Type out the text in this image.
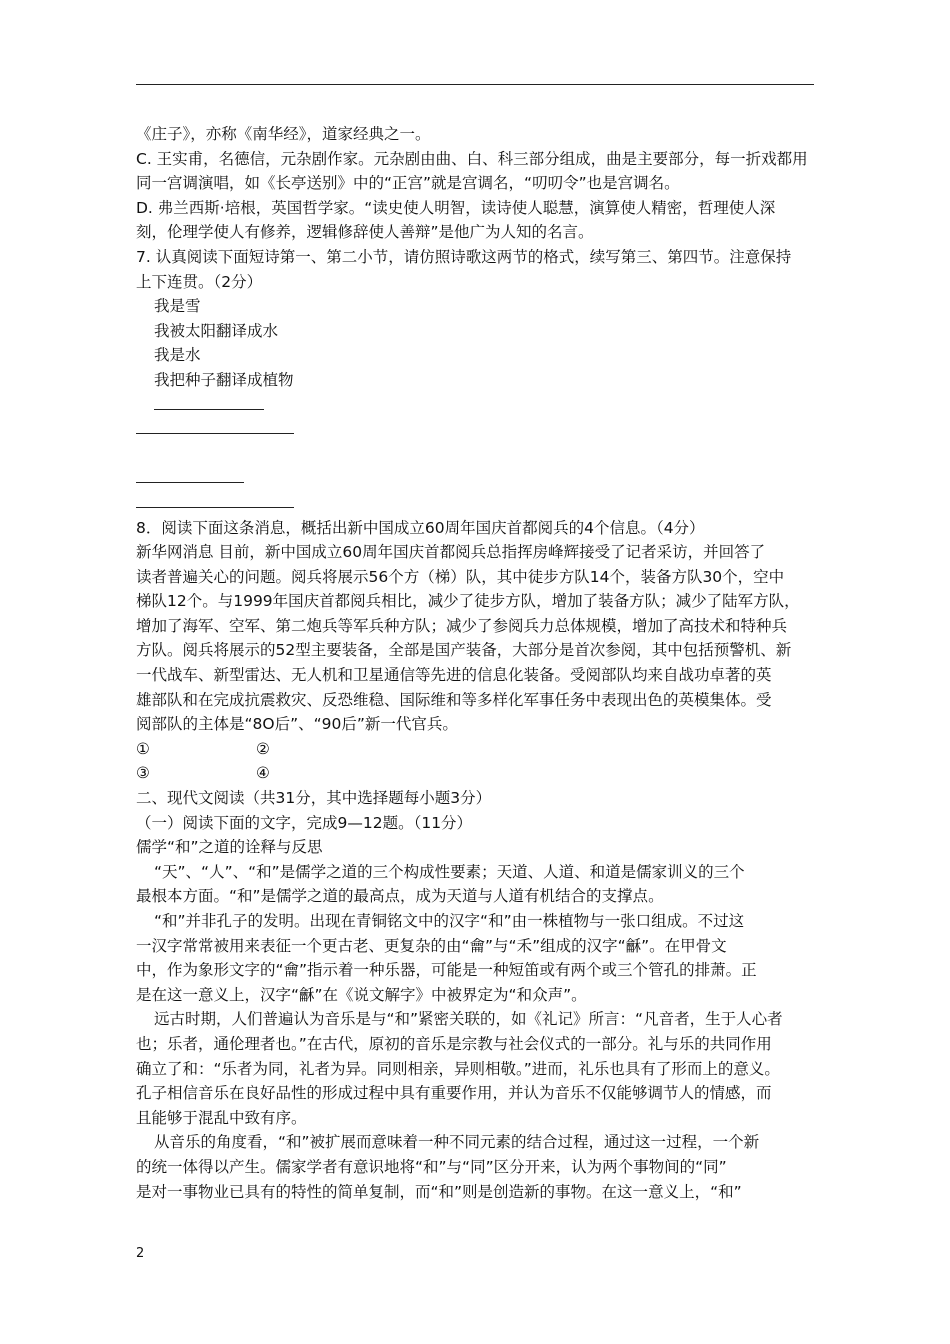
《庄子》，亦称《南华经》，道家经典之一。
C. 王实甫，名德信，元杂剧作家。元杂剧由曲、白、科三部分组成，曲是主要部分，每一折戏都用
同一宫调演唱，如《长亭送别》中的“正宫”就是宫调名，“叨叨令”也是宫调名。
D. 弗兰西斯·培根，英国哲学家。“读史使人明智，读诗使人聪慧，演算使人精密，哲理使人深
刻，伦理学使人有修养，逻辑修辞使人善辩”是他广为人知的名言。
7. 认真阅读下面短诗第一、第二小节，请仿照诗歌这两节的格式，续写第三、第四节。注意保持
上下连贯。（2分）
我是雪
我被太阳翻译成水
我是水
我把种子翻译成植物
8．阅读下面这条消息，概括出新中国成立60周年国庆首都阅兵的4个信息。（4分）
新华网消息 目前，新中国成立60周年国庆首都阅兵总指挥房峰辉接受了记者采访，并回答了
读者普遍关心的问题。阅兵将展示56个方（梯）队，其中徒步方队14个，装备方队30个，空中
梯队12个。与1999年国庆首都阅兵相比，减少了徒步方队，增加了装备方队；减少了陆军方队，
增加了海军、空军、第二炮兵等军兵种方队；减少了参阅兵力总体规模，增加了高技术和特种兵
方队。阅兵将展示的52型主要装备，全部是国产装备，大部分是首次参阅，其中包括预警机、新
一代战车、新型雷达、无人机和卫星通信等先进的信息化装备。受阅部队均来自战功卓著的英
雄部队和在完成抗震救灾、反恐维稳、国际维和等多样化军事任务中表现出色的英模集体。受
阅部队的主体是“8O后”、“90后”新一代官兵。
①	②
③	④
二、现代文阅读（共31分，其中选择题每小题3分）
（一）阅读下面的文字，完成9—12题。（11分）
儒学“和”之道的诠释与反思
“天”、“人”、“和”是儒学之道的三个构成性要素；天道、人道、和道是儒家训义的三个
最根本方面。“和”是儒学之道的最高点，成为天道与人道有机结合的支撑点。
“和”并非孔子的发明。出现在青铜铭文中的汉字“和”由一株植物与一张口组成。不过这
一汉字常常被用来表征一个更古老、更复杂的由“龠”与“禾”组成的汉字“龢”。在甲骨文
中，作为象形文字的“龠”指示着一种乐器，可能是一种短笛或有两个或三个管孔的排萧。正
是在这一意义上，汉字“龢”在《说文解字》中被界定为“和众声”。
远古时期，人们普遍认为音乐是与“和”紧密关联的，如《礼记》所言：“凡音者，生于人心者
也；乐者，通伦理者也。”在古代，原初的音乐是宗教与社会仪式的一部分。礼与乐的共同作用
确立了和：“乐者为同，礼者为异。同则相亲，异则相敬。”进而，礼乐也具有了形而上的意义。
孔子相信音乐在良好品性的形成过程中具有重要作用，并认为音乐不仅能够调节人的情感，而
且能够于混乱中致有序。
从音乐的角度看，“和”被扩展而意味着一种不同元素的结合过程，通过这一过程，一个新
的统一体得以产生。儒家学者有意识地将“和”与“同”区分开来，认为两个事物间的“同”
是对一事物业已具有的特性的简单复制，而“和”则是创造新的事物。在这一意义上，“和”
2
